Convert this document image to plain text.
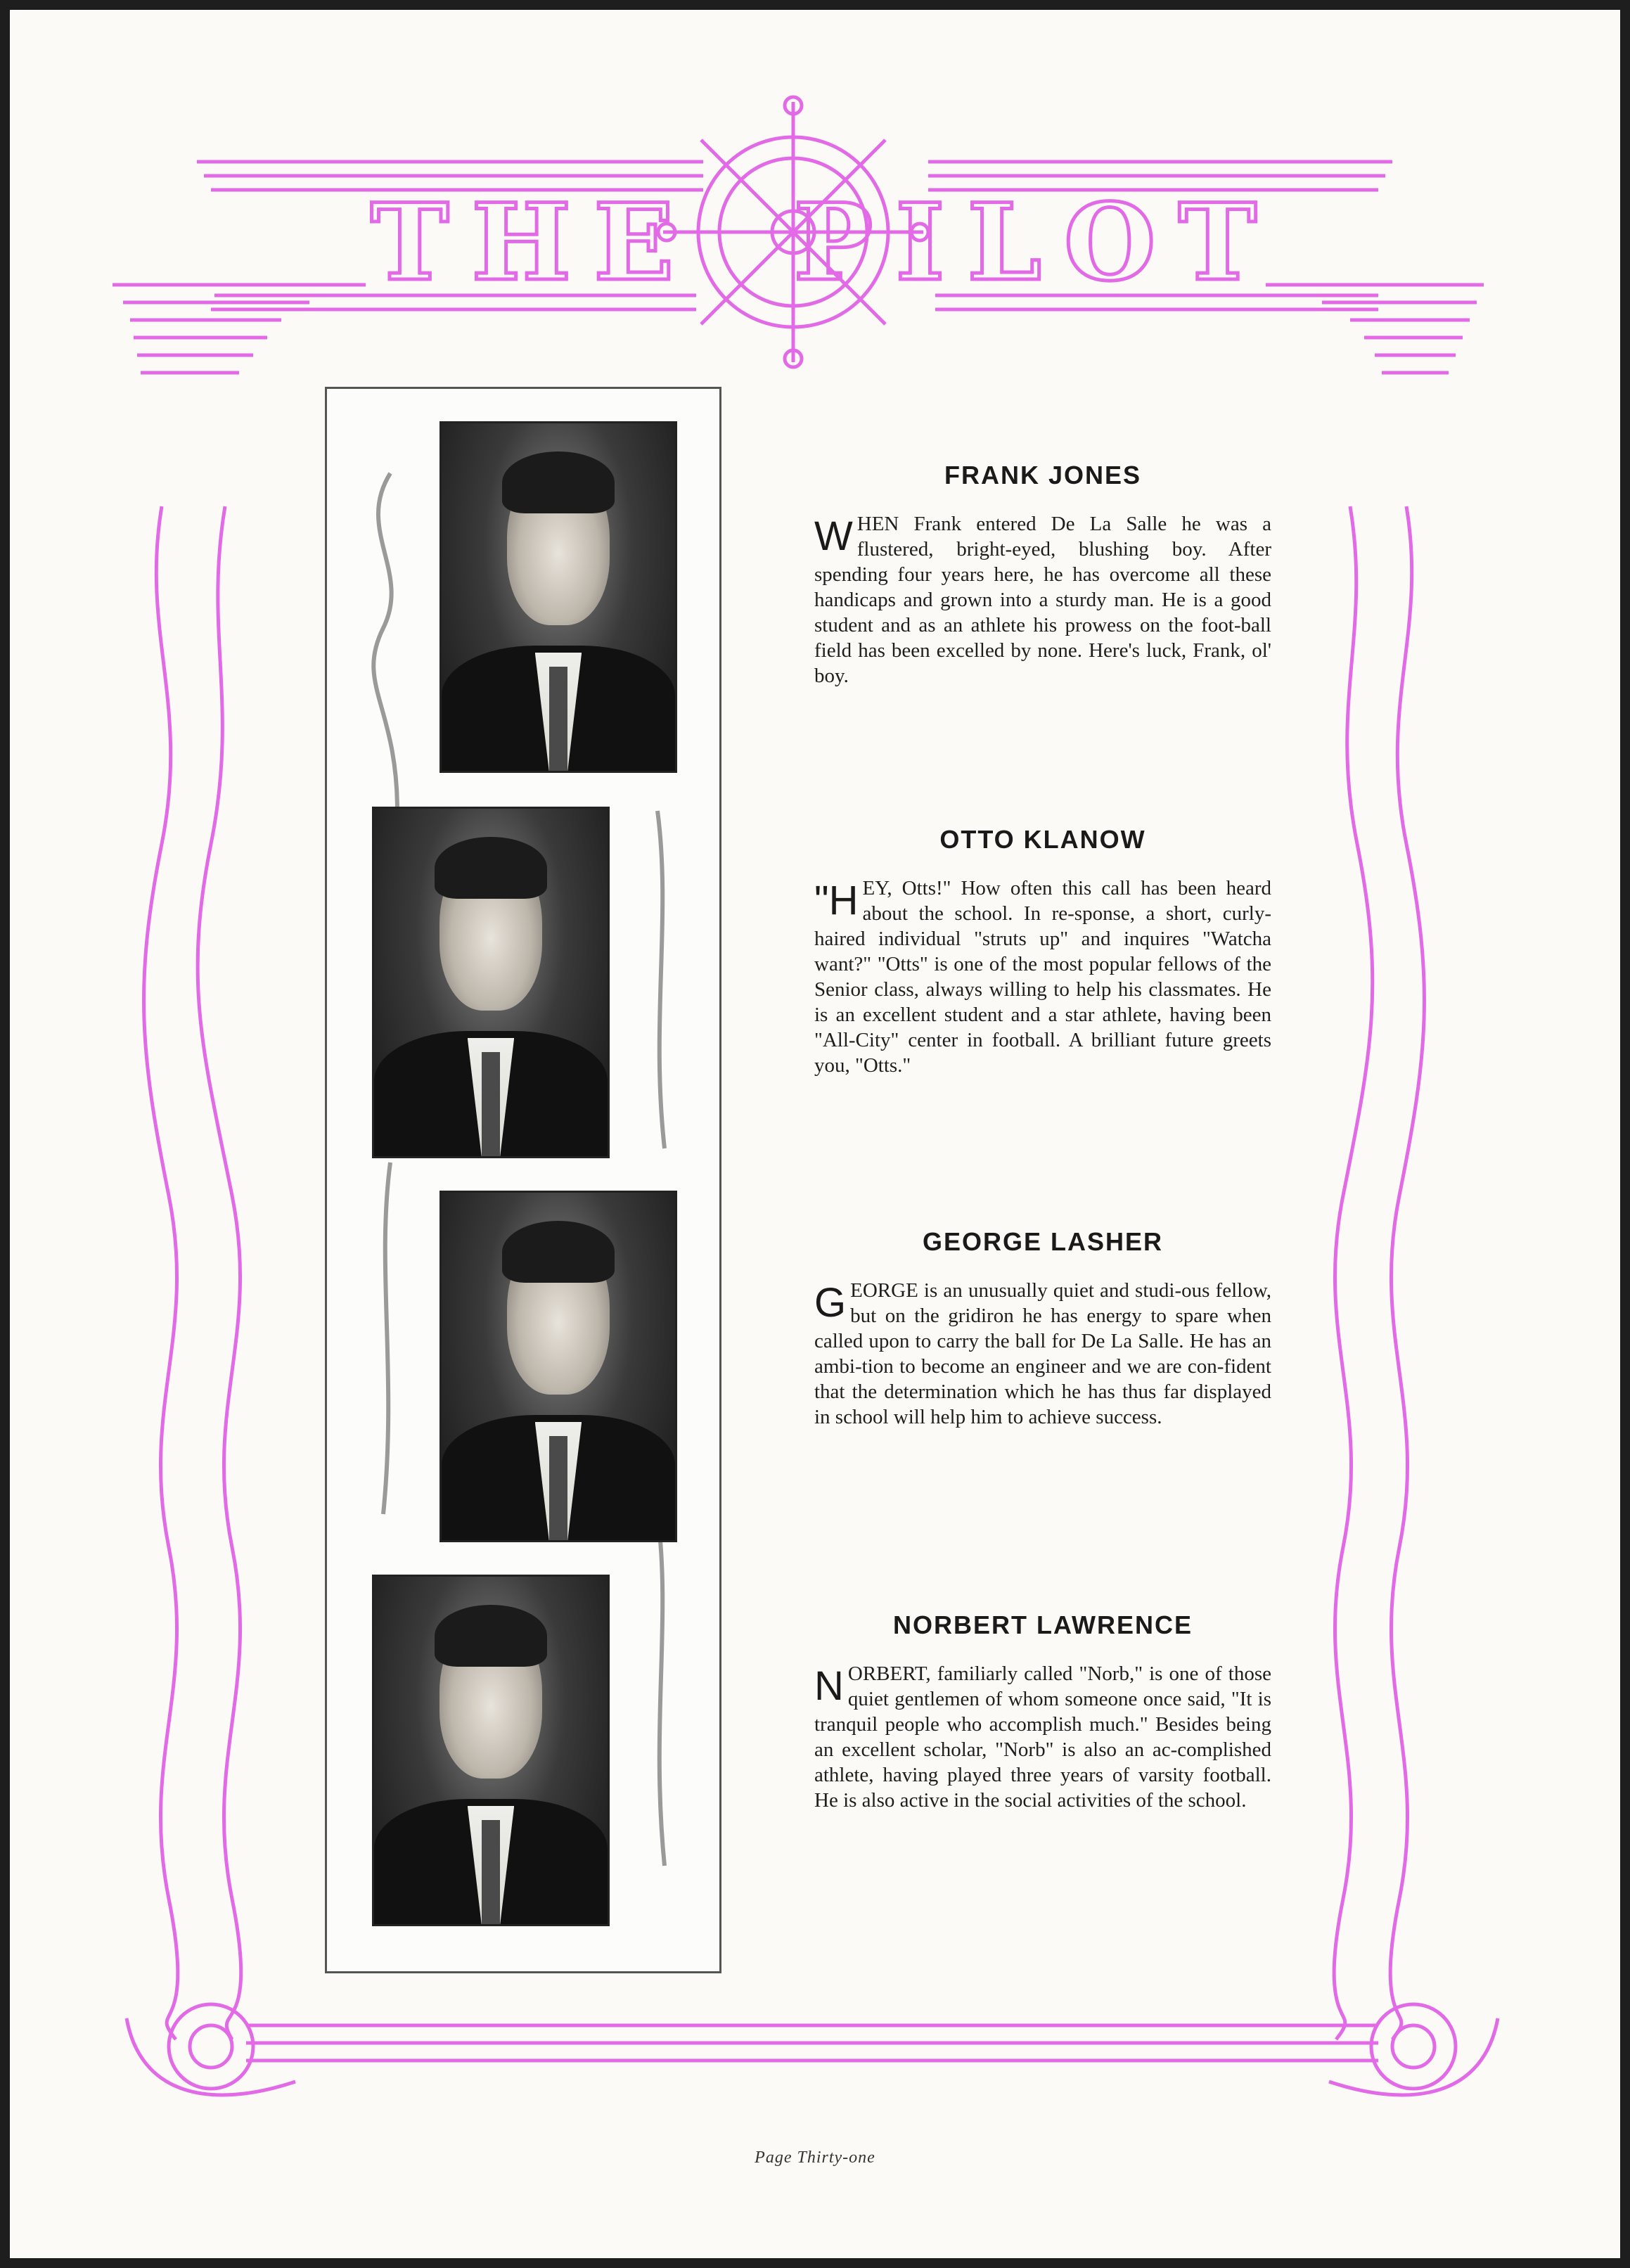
T H E P I L O T
FRANK JONES

WHEN Frank entered De La Salle he was a flustered, bright-eyed, blushing boy. After spending four years here, he has overcome all these handicaps and grown into a sturdy man. He is a good student and as an athlete his prowess on the foot-ball field has been excelled by none. Here's luck, Frank, ol' boy.

OTTO KLANOW

"HEY, Otts!" How often this call has been heard about the school. In re-sponse, a short, curly-haired individual "struts up" and inquires "Watcha want?" "Otts" is one of the most popular fellows of the Senior class, always willing to help his classmates. He is an excellent student and a star athlete, having been "All-City" center in football. A brilliant future greets you, "Otts."

GEORGE LASHER

GEORGE is an unusually quiet and studi-ous fellow, but on the gridiron he has energy to spare when called upon to carry the ball for De La Salle. He has an ambi-tion to become an engineer and we are con-fident that the determination which he has thus far displayed in school will help him to achieve success.

NORBERT LAWRENCE

NORBERT, familiarly called "Norb," is one of those quiet gentlemen of whom someone once said, "It is tranquil people who accomplish much." Besides being an excellent scholar, "Norb" is also an ac-complished athlete, having played three years of varsity football. He is also active in the social activities of the school.

Page Thirty-one
